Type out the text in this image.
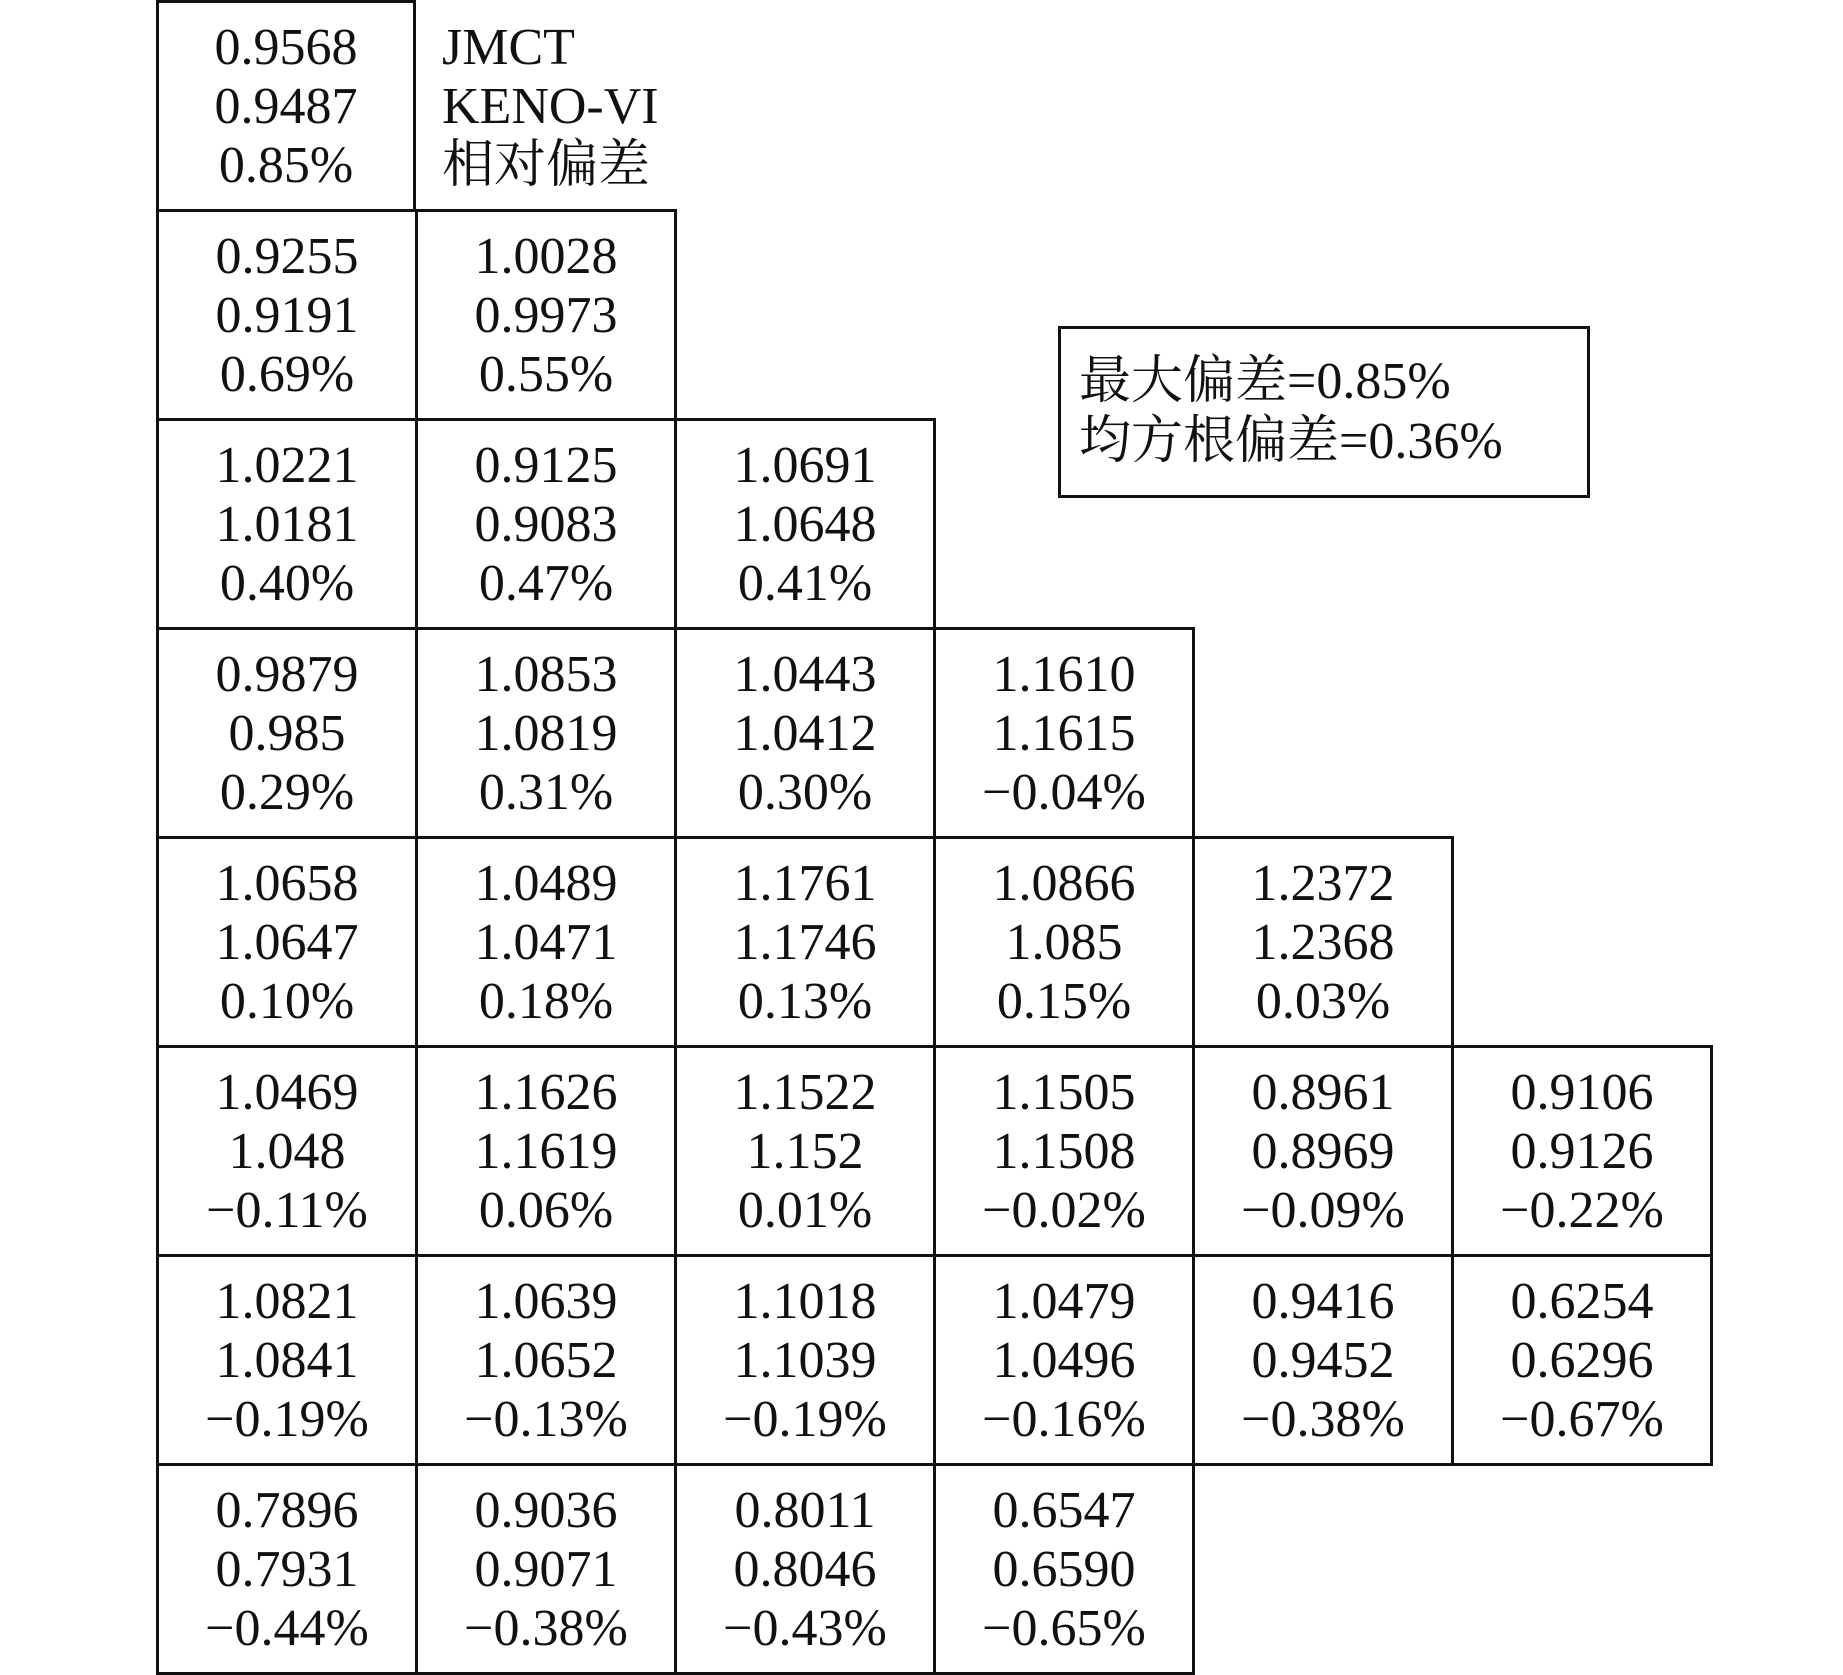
0.9568
0.9487
0.85%
JMCT
KENO-VI
相对偏差
0.9255
0.9191
0.69%
1.0028
0.9973
0.55%
1.0221
1.0181
0.40%
0.9125
0.9083
0.47%
1.0691
1.0648
0.41%
0.9879
0.985
0.29%
1.0853
1.0819
0.31%
1.0443
1.0412
0.30%
1.1610
1.1615
−0.04%
1.0658
1.0647
0.10%
1.0489
1.0471
0.18%
1.1761
1.1746
0.13%
1.0866
1.085
0.15%
1.2372
1.2368
0.03%
1.0469
1.048
−0.11%
1.1626
1.1619
0.06%
1.1522
1.152
0.01%
1.1505
1.1508
−0.02%
0.8961
0.8969
−0.09%
0.9106
0.9126
−0.22%
1.0821
1.0841
−0.19%
1.0639
1.0652
−0.13%
1.1018
1.1039
−0.19%
1.0479
1.0496
−0.16%
0.9416
0.9452
−0.38%
0.6254
0.6296
−0.67%
0.7896
0.7931
−0.44%
0.9036
0.9071
−0.38%
0.8011
0.8046
−0.43%
0.6547
0.6590
−0.65%
最大偏差=0.85%
均方根偏差=0.36%
